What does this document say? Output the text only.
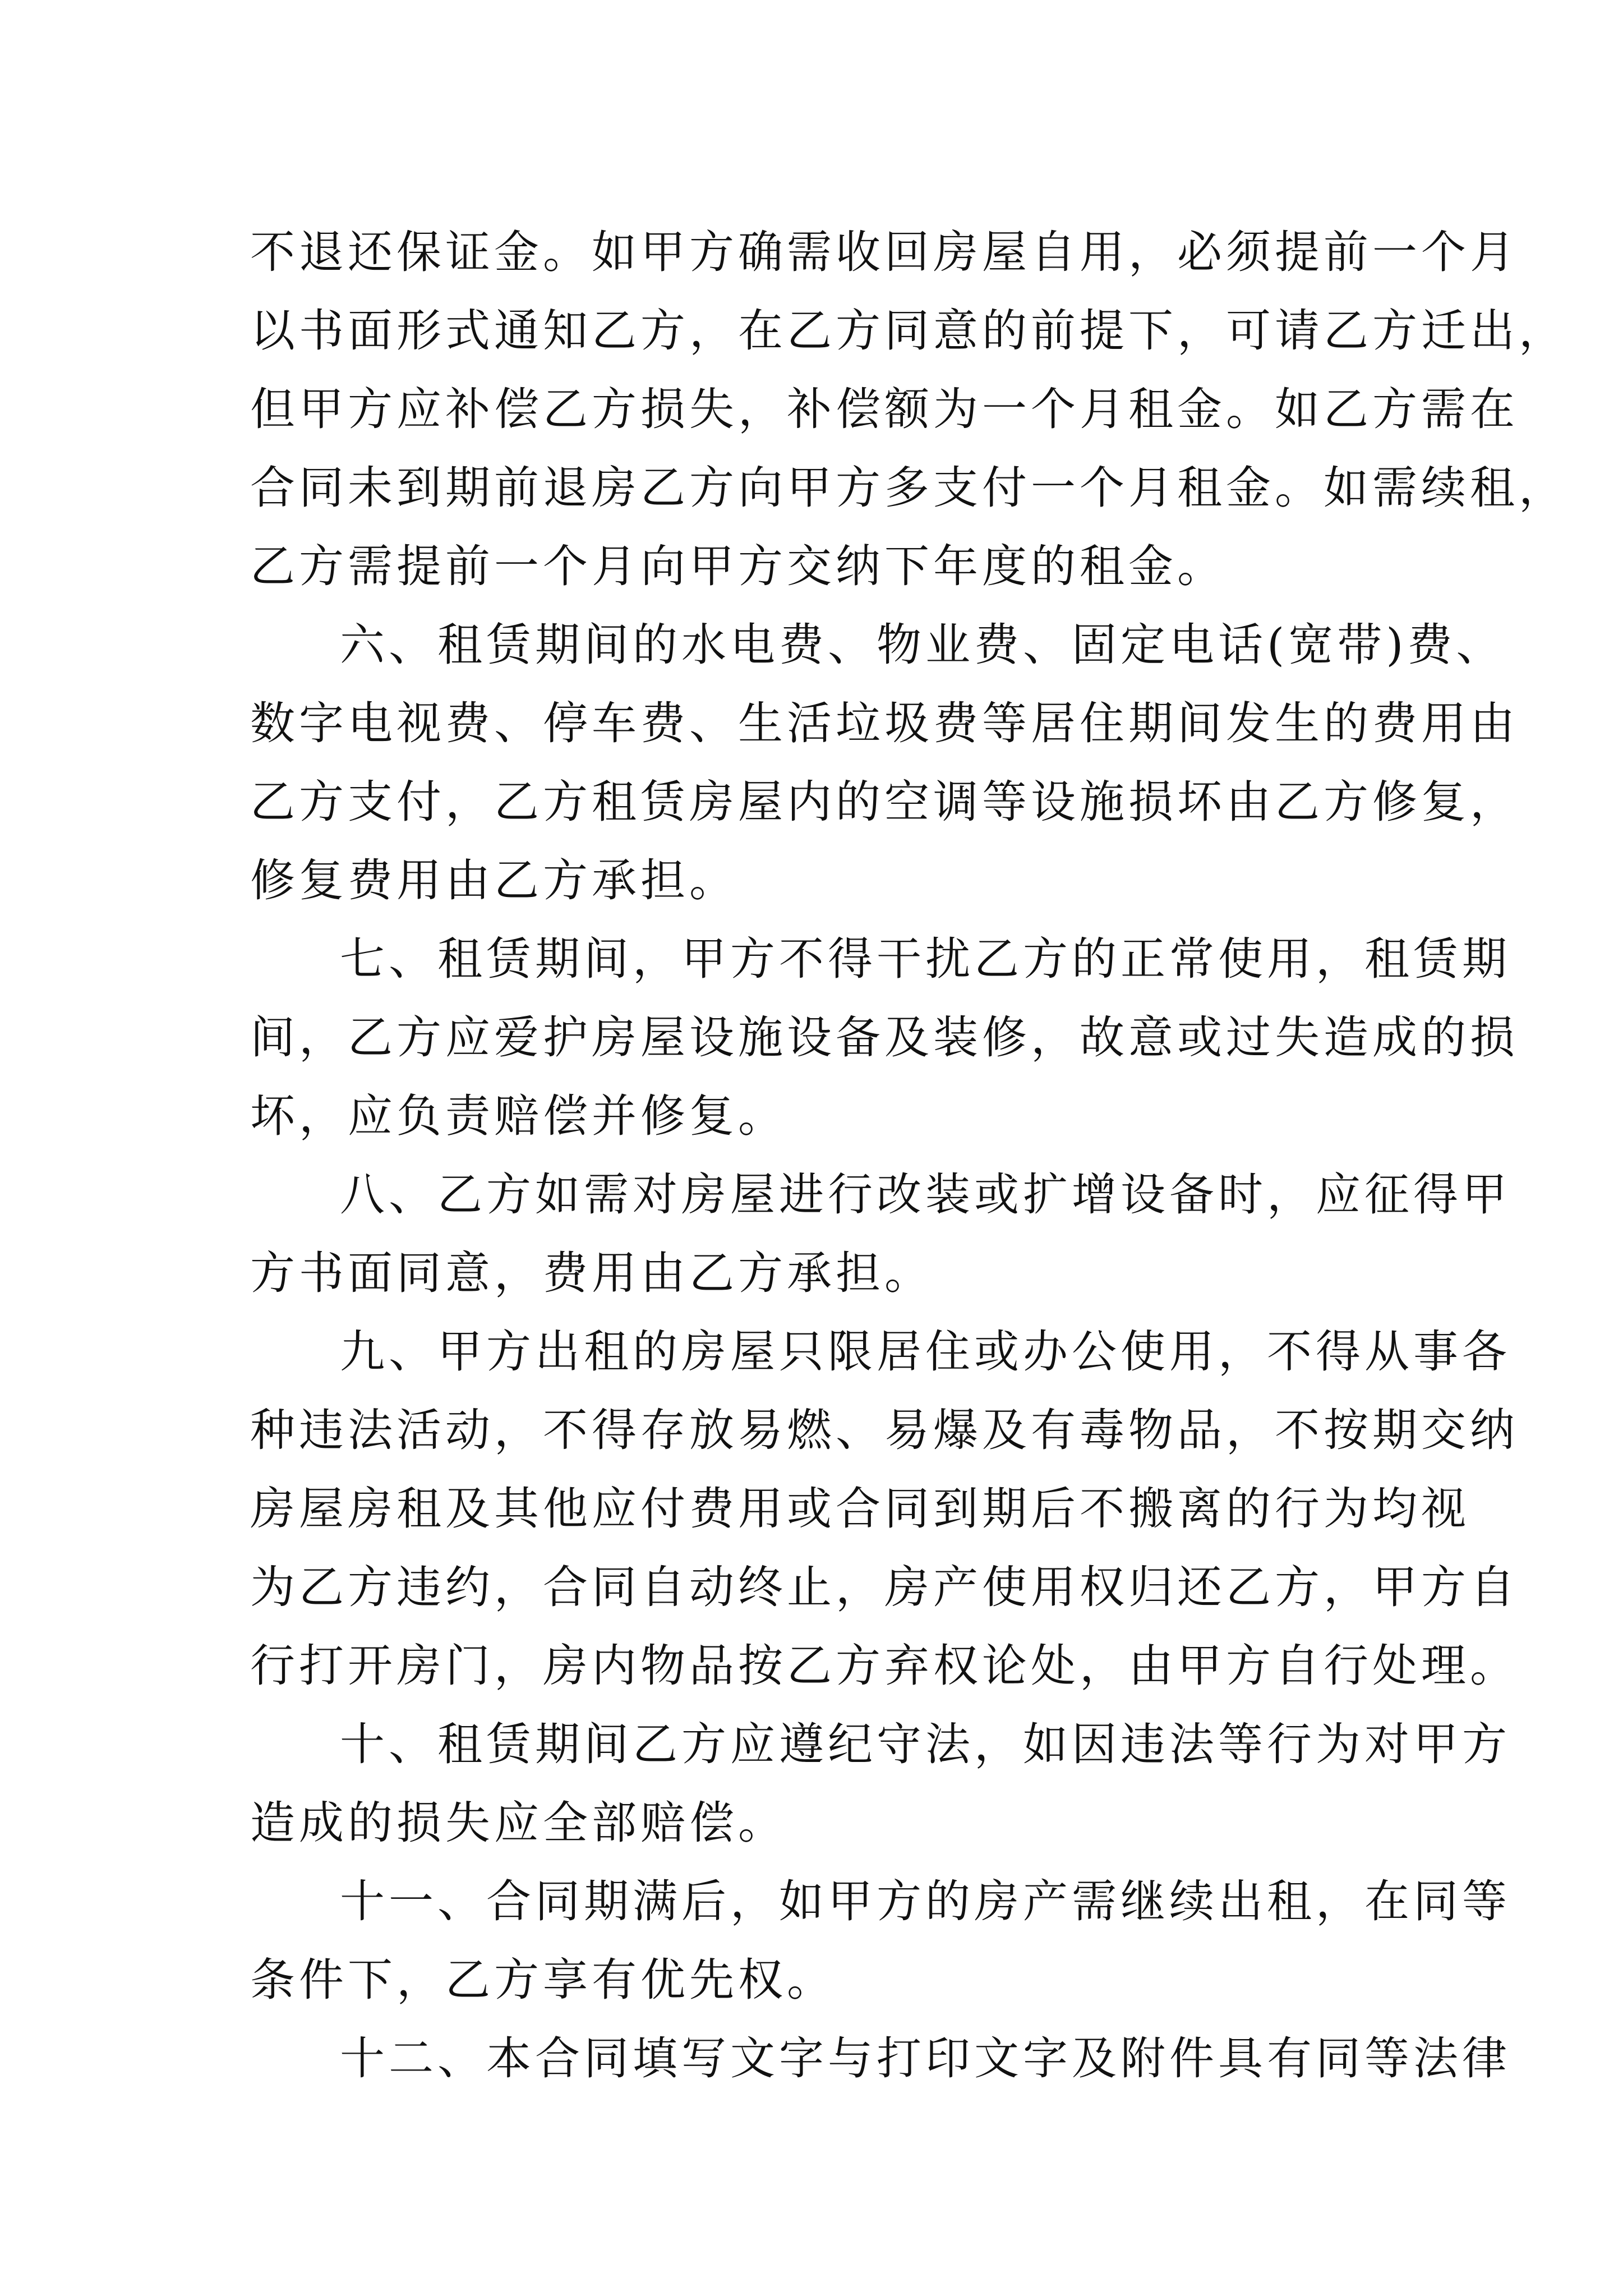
不退还保证金。如甲方确需收回房屋自用，必须提前一个月
以书面形式通知乙方，在乙方同意的前提下，可请乙方迁出，
但甲方应补偿乙方损失，补偿额为一个月租金。如乙方需在
合同未到期前退房乙方向甲方多支付一个月租金。如需续租，
乙方需提前一个月向甲方交纳下年度的租金。
六、租赁期间的水电费、物业费、固定电话(宽带)费、
数字电视费、停车费、生活垃圾费等居住期间发生的费用由
乙方支付，乙方租赁房屋内的空调等设施损坏由乙方修复，
修复费用由乙方承担。
七、租赁期间，甲方不得干扰乙方的正常使用，租赁期
间，乙方应爱护房屋设施设备及装修，故意或过失造成的损
坏，应负责赔偿并修复。
八、乙方如需对房屋进行改装或扩增设备时，应征得甲
方书面同意，费用由乙方承担。
九、甲方出租的房屋只限居住或办公使用，不得从事各
种违法活动，不得存放易燃、易爆及有毒物品，不按期交纳
房屋房租及其他应付费用或合同到期后不搬离的行为均视
为乙方违约，合同自动终止，房产使用权归还乙方，甲方自
行打开房门，房内物品按乙方弃权论处，由甲方自行处理。
十、租赁期间乙方应遵纪守法，如因违法等行为对甲方
造成的损失应全部赔偿。
十一、合同期满后，如甲方的房产需继续出租，在同等
条件下，乙方享有优先权。
十二、本合同填写文字与打印文字及附件具有同等法律
